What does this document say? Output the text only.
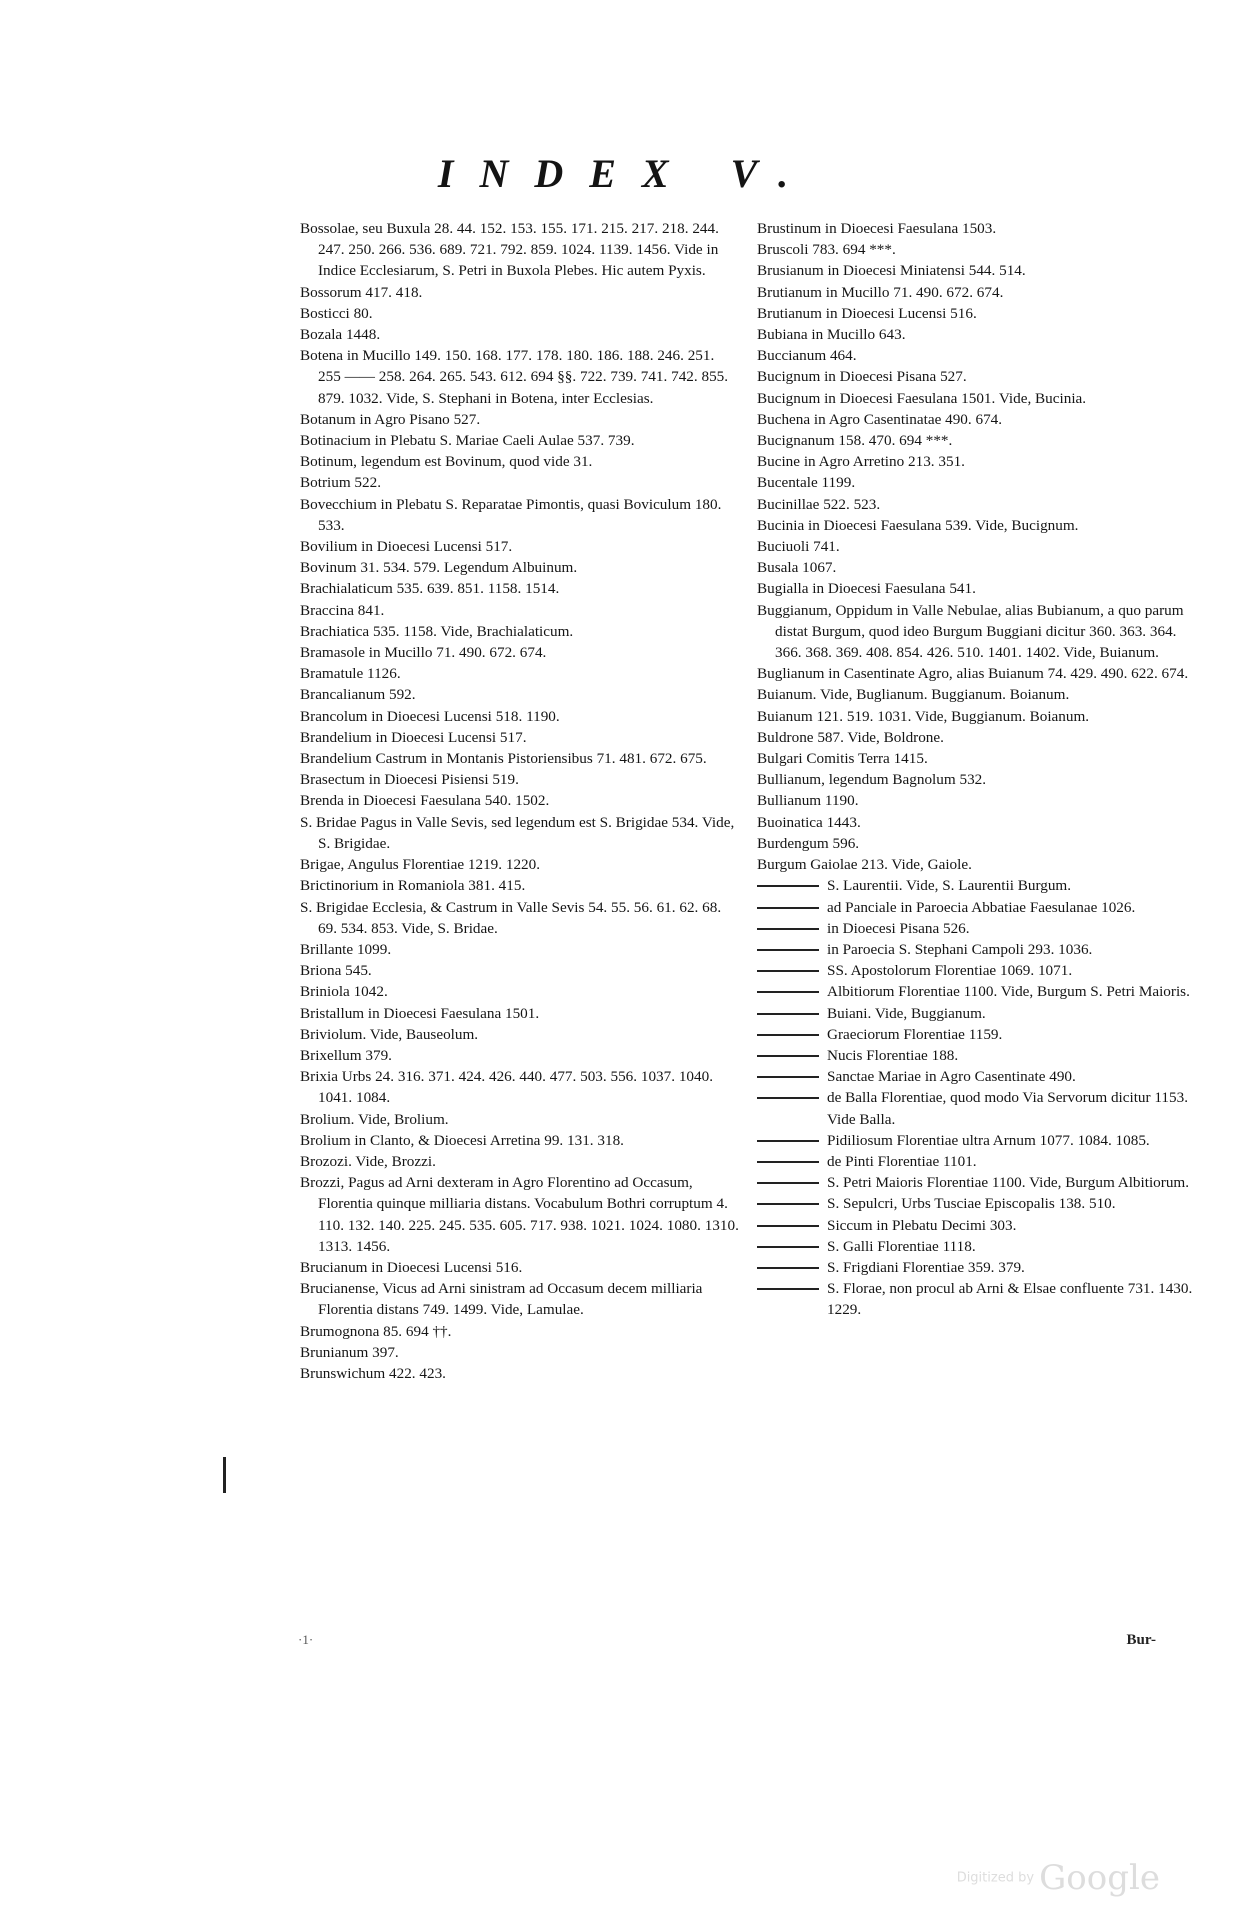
INDEX V.
Bossolae, seu Buxula 28. 44. 152. 153. 155. 171. 215. 217. 218. 244. 247. 250. 266. 536. 689. 721. 792. 859. 1024. 1139. 1456. Vide in Indice Ecclesiarum, S. Petri in Buxola Plebes. Hic autem Pyxis.
Bossorum 417. 418.
Bosticci 80.
Bozala 1448.
Botena in Mucillo 149. 150. 168. 177. 178. 180. 186. 188. 246. 251. 255 —— 258. 264. 265. 543. 612. 694 §§. 722. 739. 741. 742. 855. 879. 1032. Vide, S. Stephani in Botena, inter Ecclesias.
Botanum in Agro Pisano 527.
Botinacium in Plebatu S. Mariae Caeli Aulae 537. 739.
Botinum, legendum est Bovinum, quod vide 31.
Botrium 522.
Bovecchium in Plebatu S. Reparatae Pimontis, quasi Boviculum 180. 533.
Bovilium in Dioecesi Lucensi 517.
Bovinum 31. 534. 579. Legendum Albuinum.
Brachialaticum 535. 639. 851. 1158. 1514.
Braccina 841.
Brachiatica 535. 1158. Vide, Brachialaticum.
Bramasole in Mucillo 71. 490. 672. 674.
Bramatule 1126.
Brancalianum 592.
Brancolum in Dioecesi Lucensi 518. 1190.
Brandelium in Dioecesi Lucensi 517.
Brandelium Castrum in Montanis Pistoriensibus 71. 481. 672. 675.
Brasectum in Dioecesi Pisiensi 519.
Brenda in Dioecesi Faesulana 540. 1502.
S. Bridae Pagus in Valle Sevis, sed legendum est S. Brigidae 534. Vide, S. Brigidae.
Brigae, Angulus Florentiae 1219. 1220.
Brictinorium in Romaniola 381. 415.
S. Brigidae Ecclesia, & Castrum in Valle Sevis 54. 55. 56. 61. 62. 68. 69. 534. 853. Vide, S. Bridae.
Brillante 1099.
Briona 545.
Briniola 1042.
Bristallum in Dioecesi Faesulana 1501.
Briviolum. Vide, Bauseolum.
Brixellum 379.
Brixia Urbs 24. 316. 371. 424. 426. 440. 477. 503. 556. 1037. 1040. 1041. 1084.
Brolium. Vide, Brolium.
Brolium in Clanto, & Dioecesi Arretina 99. 131. 318.
Brozozi. Vide, Brozzi.
Brozzi, Pagus ad Arni dexteram in Agro Florentino ad Occasum, Florentia quinque milliaria distans. Vocabulum Bothri corruptum 4. 110. 132. 140. 225. 245. 535. 605. 717. 938. 1021. 1024. 1080. 1310. 1313. 1456.
Brucianum in Dioecesi Lucensi 516.
Brucianense, Vicus ad Arni sinistram ad Occasum decem milliaria Florentia distans 749. 1499. Vide, Lamulae.
Brumognona 85. 694 ††.
Brunianum 397.
Brunswichum 422. 423.
Brustinum in Dioecesi Faesulana 1503.
Bruscoli 783. 694 ***.
Brusianum in Dioecesi Miniatensi 544. 514.
Brutianum in Mucillo 71. 490. 672. 674.
Brutianum in Dioecesi Lucensi 516.
Bubiana in Mucillo 643.
Buccianum 464.
Bucignum in Dioecesi Pisana 527.
Bucignum in Dioecesi Faesulana 1501. Vide, Bucinia.
Buchena in Agro Casentinatae 490. 674.
Bucignanum 158. 470. 694 ***.
Bucine in Agro Arretino 213. 351.
Bucentale 1199.
Bucinillae 522. 523.
Bucinia in Dioecesi Faesulana 539. Vide, Bucignum.
Buciuoli 741.
Busala 1067.
Bugialla in Dioecesi Faesulana 541.
Buggianum, Oppidum in Valle Nebulae, alias Bubianum, a quo parum distat Burgum, quod ideo Burgum Buggiani dicitur 360. 363. 364. 366. 368. 369. 408. 854. 426. 510. 1401. 1402. Vide, Buianum.
Buglianum in Casentinate Agro, alias Buianum 74. 429. 490. 622. 674.
Buianum. Vide, Buglianum. Buggianum. Boianum.
Buianum 121. 519. 1031. Vide, Buggianum. Boianum.
Buldrone 587. Vide, Boldrone.
Bulgari Comitis Terra 1415.
Bullianum, legendum Bagnolum 532.
Bullianum 1190.
Buoinatica 1443.
Burdengum 596.
Burgum Gaiolae 213. Vide, Gaiole.
S. Laurentii. Vide, S. Laurentii Burgum.
ad Panciale in Paroecia Abbatiae Faesulanae 1026.
in Dioecesi Pisana 526.
in Paroecia S. Stephani Campoli 293. 1036.
SS. Apostolorum Florentiae 1069. 1071.
Albitiorum Florentiae 1100. Vide, Burgum S. Petri Maioris.
Buiani. Vide, Buggianum.
Graeciorum Florentiae 1159.
Nucis Florentiae 188.
Sanctae Mariae in Agro Casentinate 490.
de Balla Florentiae, quod modo Via Servorum dicitur 1153. Vide Balla.
Pidiliosum Florentiae ultra Arnum 1077. 1084. 1085.
de Pinti Florentiae 1101.
S. Petri Maioris Florentiae 1100. Vide, Burgum Albitiorum.
S. Sepulcri, Urbs Tusciae Episcopalis 138. 510.
Siccum in Plebatu Decimi 303.
S. Galli Florentiae 1118.
S. Frigdiani Florentiae 359. 379.
S. Florae, non procul ab Arni & Elsae confluente 731. 1430. 1229.
·1·	Bur-
Digitized by Google
